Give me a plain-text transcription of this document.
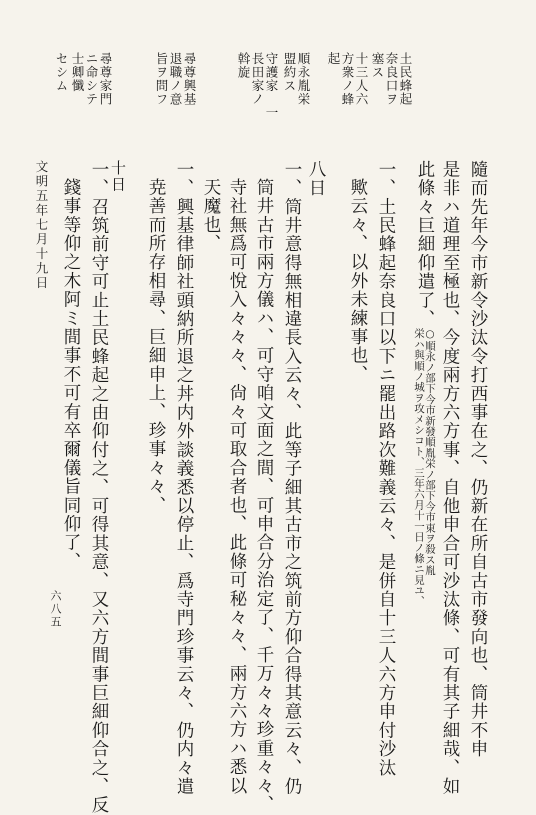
土民蜂起
奈良口ヲ
塞ス
十三人六
方衆ノ蜂
起
順永胤栄
盟約ス
守護家　一
長田家ノ
斡旋
尋尊興基
退職ノ意
旨ヲ問フ
尋尊家門
ニ命シテ
士卿懺
セシム
隨而先年今市新令沙汰令打西事在之、仍新在所自古市發向也、筒井不申
是非ハ道理至極也、今度兩方六方事、自他申合可沙汰條、可有其子細哉、如
此條々巨細仰遣了、
○順永ノ部下今市新發順胤栄ノ部下今市東ヲ殺ス胤
栄ハ與順ノ城ヲ攻メシコト、三年六月十一日ノ條ニ見ユ、
一、土民蜂起奈良口以下ニ罷出路次難義云々、是併自十三人六方申付沙汰
歟云々、以外未練事也、
八日
一、筒井意得無相違長入云々、此等子細其古市之筑前方仰合得其意云々、仍
筒井古市兩方儀ハ、可守咱文面之間、可申合分治定了、千万々々珍重々々、
寺社無爲可悅入々々々、尙々可取合者也、此條可秘々々、兩方六方ハ悉以
天魔也、
一、興基律師社頭納所退之丼内外談義悉以停止、爲寺門珍事云々、仍内々遣
尭善而所存相尋、巨細申上、珍事々々、
十日
一、召筑前守可止土民蜂起之由仰付之、可得其意、又六方間事巨細仰合之、反
錢事等仰之木阿ミ間事不可有卒爾儀旨同仰了、
文明五年七月十九日
六八五
